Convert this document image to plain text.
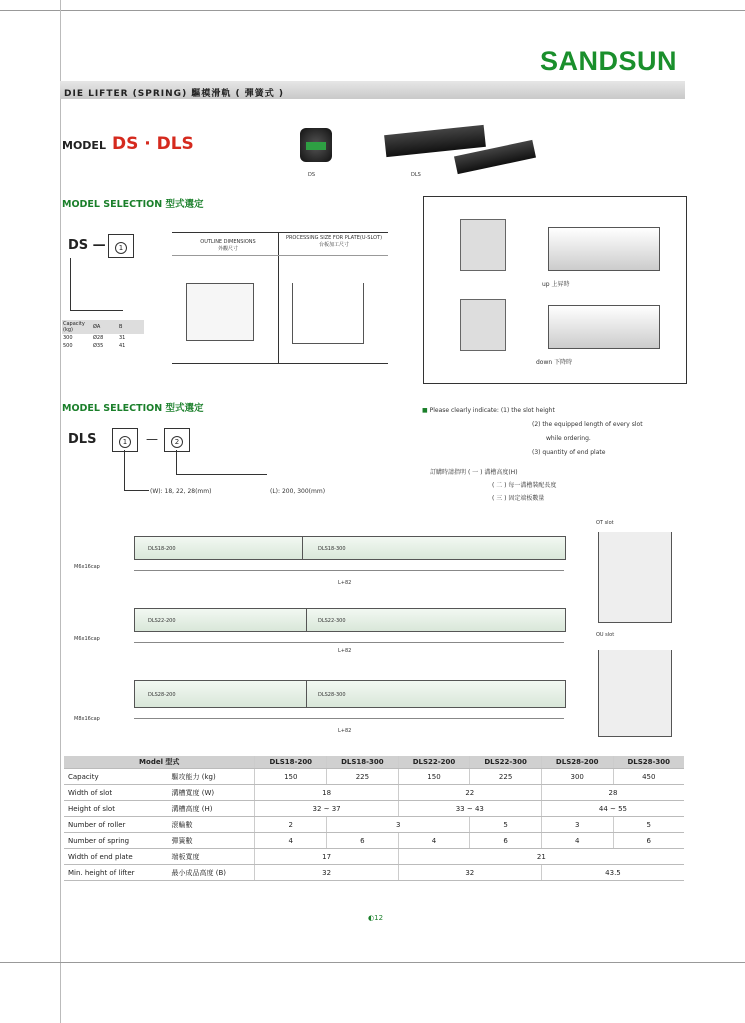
SANDSUN
DIE LIFTER (SPRING) 驅模滑軌 ( 彈簧式 )
MODEL DS · DLS
DS	DLS
MODEL SELECTION 型式選定
DS —	1
Capacity (kg)	ØA	B
300	Ø28	31
500	Ø35	41
OUTLINE DIMENSIONS
外觀尺寸
PROCESSING SIZE FOR PLATE(U-SLOT)
台板加工尺寸
up 上昇時
down 下降時
MODEL SELECTION 型式選定
DLS	1	—	2
(W): 18, 22, 28(mm)	(L): 200, 300(mm)
■ Please clearly indicate: (1) the slot height
(2) the equipped length of every slot
while ordering.
(3) quantity of end plate
訂購時請指明 ( 一 ) 溝槽高度(H)
( 二 ) 每一溝槽裝配長度
( 三 ) 固定端板數量
DLS18-200	DLS18-300
M6x16cap
L+82
DLS22-200	DLS22-300
M6x16cap
L+82
DLS28-200	DLS28-300
M8x16cap
L+82
OT slot
OU slot
Model 型式		DLS18-200	DLS18-300	DLS22-200	DLS22-300	DLS28-200	DLS28-300
Capacity	驅攻能力 (kg)	150	225	150	225	300	450
Width of slot	溝槽寬度 (W)	18		22		28	
Height of slot	溝槽高度 (H)	32 ~ 37		33 ~ 43		44 ~ 55	
Number of roller	滾輪數	2	3		5	3	5
Number of spring	彈簧數	4	6	4	6	4	6
Width of end plate	端板寬度	17		21			
Min. height of lifter	最小成品高度 (B)	32		32		43.5	
◐12
